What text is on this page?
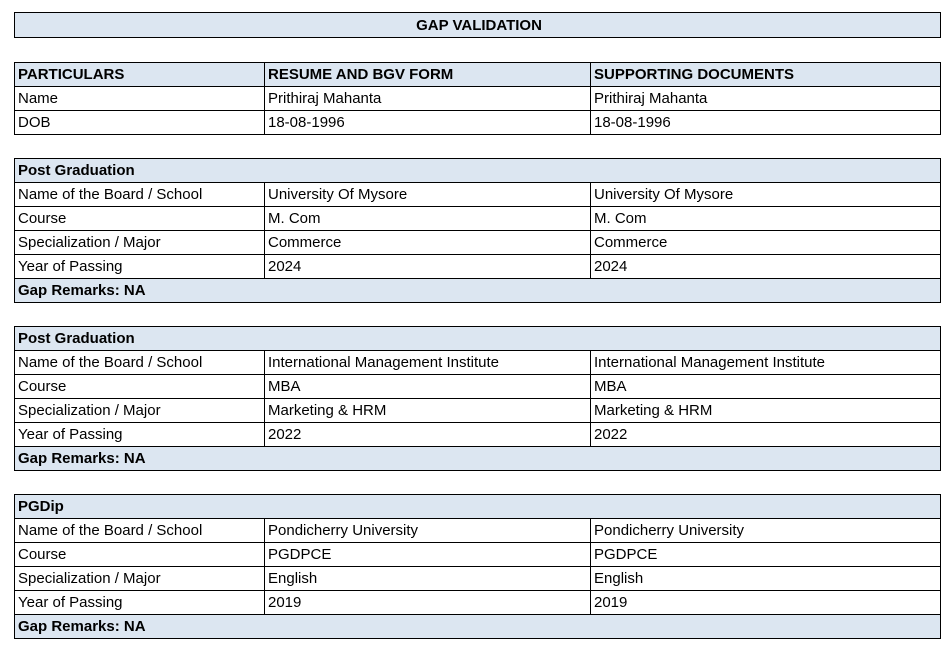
GAP VALIDATION
PARTICULARS	RESUME AND BGV FORM	SUPPORTING DOCUMENTS
Name	Prithiraj Mahanta	Prithiraj Mahanta
DOB	18-08-1996	18-08-1996
Post Graduation		
Name of the Board / School	University Of Mysore	University Of Mysore
Course	M. Com	M. Com
Specialization / Major	Commerce	Commerce
Year of Passing	2024	2024
Gap Remarks: NA		
Post Graduation		
Name of the Board / School	International Management Institute	International Management Institute
Course	MBA	MBA
Specialization / Major	Marketing & HRM	Marketing & HRM
Year of Passing	2022	2022
Gap Remarks: NA		
PGDip		
Name of the Board / School	Pondicherry University	Pondicherry University
Course	PGDPCE	PGDPCE
Specialization / Major	English	English
Year of Passing	2019	2019
Gap Remarks: NA		
